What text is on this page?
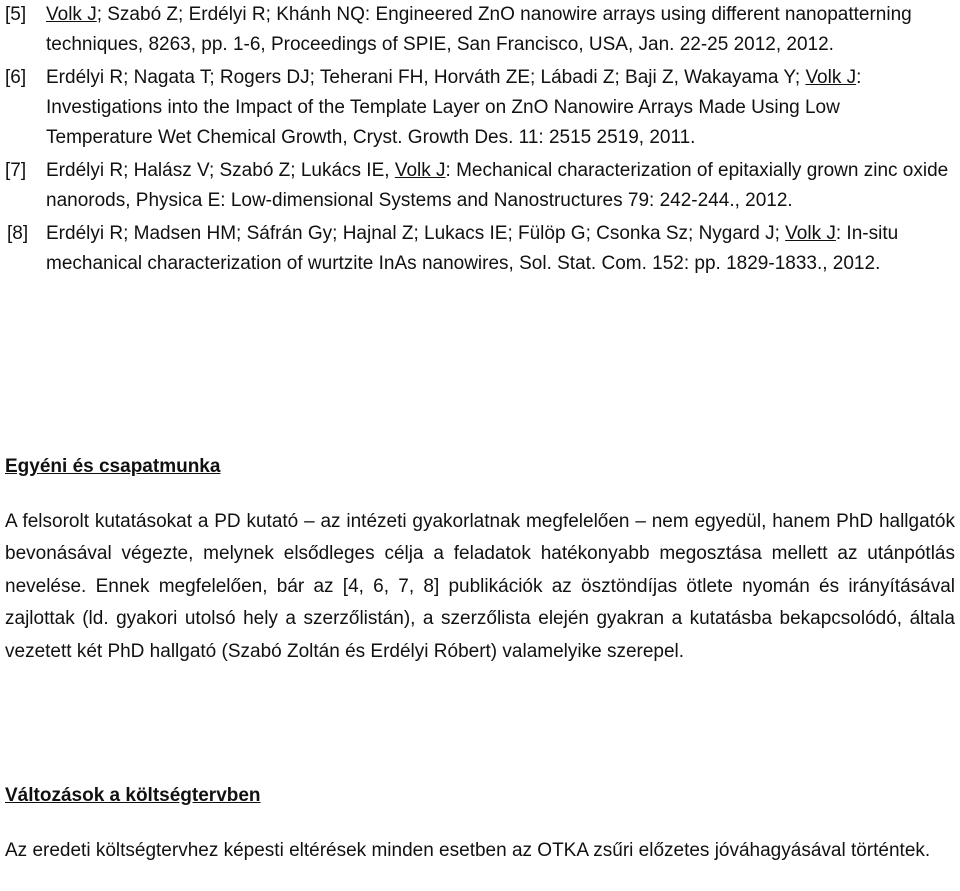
[5]	Volk J; Szabó Z; Erdélyi R; Khánh NQ: Engineered ZnO nanowire arrays using different nanopatterning techniques, 8263, pp. 1-6, Proceedings of SPIE, San Francisco, USA, Jan. 22-25 2012, 2012.
[6]	Erdélyi R; Nagata T; Rogers DJ; Teherani FH, Horváth ZE; Lábadi Z; Baji Z, Wakayama Y; Volk J: Investigations into the Impact of the Template Layer on ZnO Nanowire Arrays Made Using Low Temperature Wet Chemical Growth, Cryst. Growth Des. 11: 2515 2519, 2011.
[7]	Erdélyi R; Halász V; Szabó Z; Lukács IE, Volk J: Mechanical characterization of epitaxially grown zinc oxide nanorods, Physica E: Low-dimensional Systems and Nanostructures 79: 242-244., 2012.
[8] Erdélyi R; Madsen HM; Sáfrán Gy; Hajnal Z; Lukacs IE; Fülöp G; Csonka Sz; Nygard J; Volk J: In-situ mechanical characterization of wurtzite InAs nanowires, Sol. Stat. Com. 152: pp. 1829-1833., 2012.
Egyéni és csapatmunka

A felsorolt kutatásokat a PD kutató – az intézeti gyakorlatnak megfelelően – nem egyedül, hanem PhD hallgatók bevonásával végezte, melynek elsődleges célja a feladatok hatékonyabb megosztása mellett az utánpótlás nevelése. Ennek megfelelően, bár az [4, 6, 7, 8] publikációk az ösztöndíjas ötlete nyomán és irányításával zajlottak (ld. gyakori utolsó hely a szerzőlistán), a szerzőlista elején gyakran a kutatásba bekapcsolódó, általa vezetett két PhD hallgató (Szabó Zoltán és Erdélyi Róbert) valamelyike szerepel.

Változások a költségtervben

Az eredeti költségtervhez képesti eltérések minden esetben az OTKA zsűri előzetes jóváhagyásával történtek.
